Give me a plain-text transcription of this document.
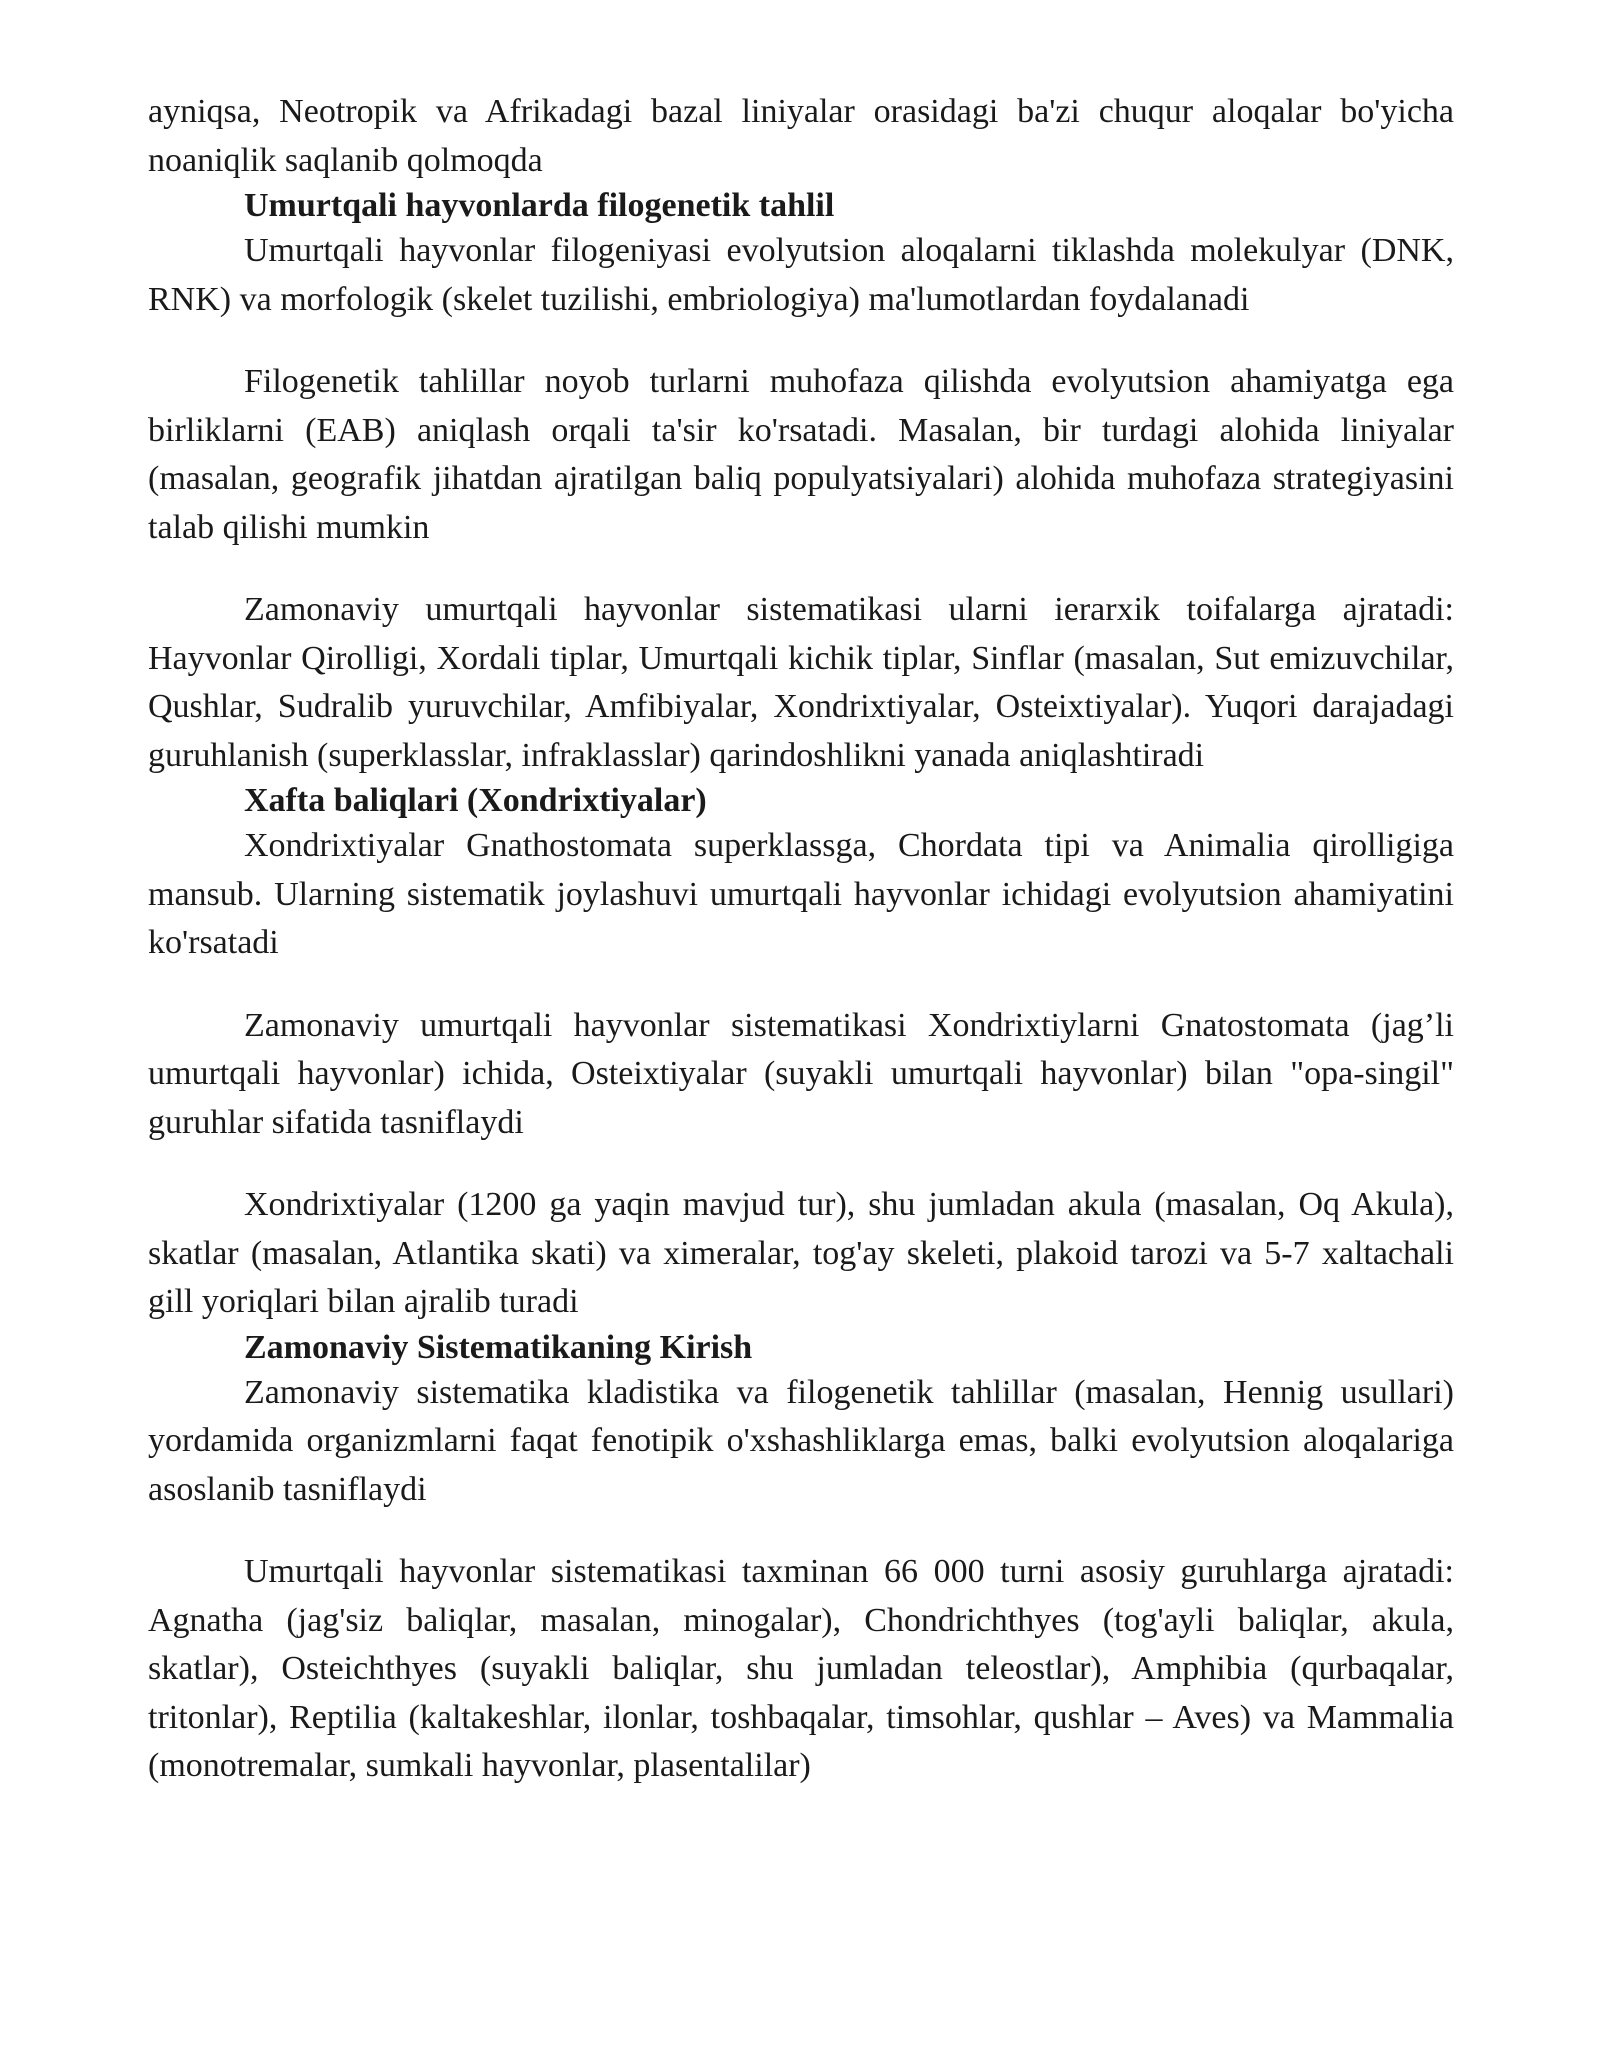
ayniqsa, Neotropik va Afrikadagi bazal liniyalar orasidagi ba'zi chuqur aloqalar bo'yicha noaniqlik saqlanib qolmoqda

Umurtqali hayvonlarda filogenetik tahlil

Umurtqali hayvonlar filogeniyasi evolyutsion aloqalarni tiklashda molekulyar (DNK, RNK) va morfologik (skelet tuzilishi, embriologiya) ma'lumotlardan foydalanadi

Filogenetik tahlillar noyob turlarni muhofaza qilishda evolyutsion ahamiyatga ega birliklarni (EAB) aniqlash orqali ta'sir ko'rsatadi. Masalan, bir turdagi alohida liniyalar (masalan, geografik jihatdan ajratilgan baliq populyatsiyalari) alohida muhofaza strategiyasini talab qilishi mumkin

Zamonaviy umurtqali hayvonlar sistematikasi ularni ierarxik toifalarga ajratadi: Hayvonlar Qirolligi, Xordali tiplar, Umurtqali kichik tiplar, Sinflar (masalan, Sut emizuvchilar, Qushlar, Sudralib yuruvchilar, Amfibiyalar, Xondrixtiyalar, Osteixtiyalar). Yuqori darajadagi guruhlanish (superklasslar, infraklasslar) qarindoshlikni yanada aniqlashtiradi

Xafta baliqlari (Xondrixtiyalar)

Xondrixtiyalar Gnathostomata superklassga, Chordata tipi va Animalia qirolligiga mansub. Ularning sistematik joylashuvi umurtqali hayvonlar ichidagi evolyutsion ahamiyatini ko'rsatadi

Zamonaviy umurtqali hayvonlar sistematikasi Xondrixtiylarni Gnatostomata (jag’li umurtqali hayvonlar) ichida, Osteixtiyalar (suyakli umurtqali hayvonlar) bilan "opa-singil" guruhlar sifatida tasniflaydi

Xondrixtiyalar (1200 ga yaqin mavjud tur), shu jumladan akula (masalan, Oq Akula), skatlar (masalan, Atlantika skati) va ximeralar, tog'ay skeleti, plakoid tarozi va 5-7 xaltachali gill yoriqlari bilan ajralib turadi

Zamonaviy Sistematikaning Kirish

Zamonaviy sistematika kladistika va filogenetik tahlillar (masalan, Hennig usullari) yordamida organizmlarni faqat fenotipik o'xshashliklarga emas, balki evolyutsion aloqalariga asoslanib tasniflaydi

Umurtqali hayvonlar sistematikasi taxminan 66 000 turni asosiy guruhlarga ajratadi: Agnatha (jag'siz baliqlar, masalan, minogalar), Chondrichthyes (tog'ayli baliqlar, akula, skatlar), Osteichthyes (suyakli baliqlar, shu jumladan teleostlar), Amphibia (qurbaqalar, tritonlar), Reptilia (kaltakeshlar, ilonlar, toshbaqalar, timsohlar, qushlar – Aves) va Mammalia (monotremalar, sumkali hayvonlar, plasentalilar)
